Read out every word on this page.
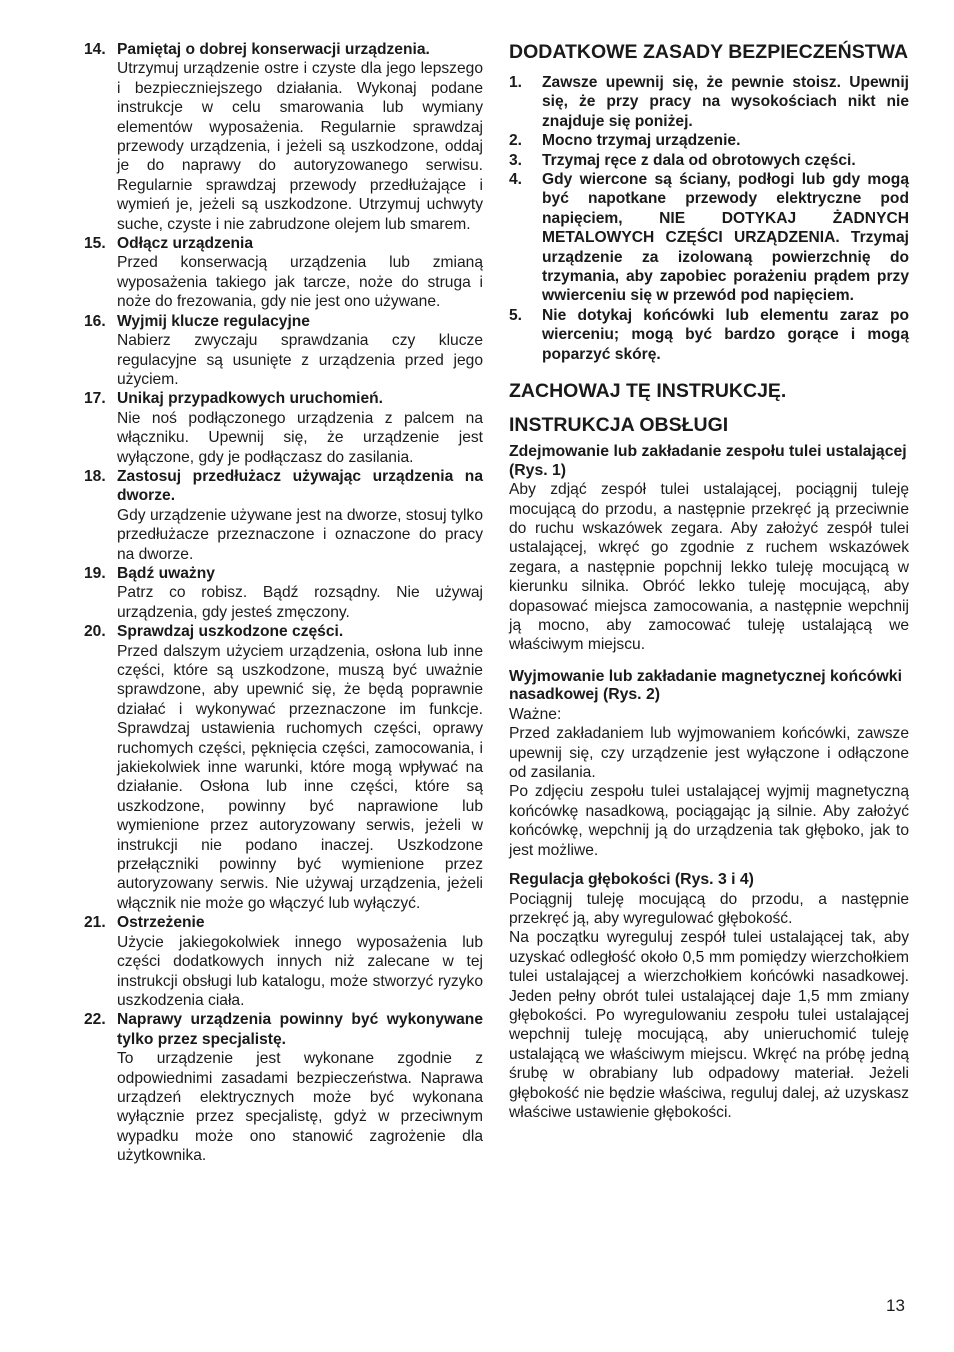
14. Pamiętaj o dobrej konserwacji urządzenia.
Utrzymuj urządzenie ostre i czyste dla jego lepszego i bezpieczniejszego działania. Wykonaj podane instrukcje w celu smarowania lub wymiany elementów wyposażenia. Regularnie sprawdzaj przewody urządzenia, i jeżeli są uszkodzone, oddaj je do naprawy do autoryzowanego serwisu. Regularnie sprawdzaj przewody przedłużające i wymień je, jeżeli są uszkodzone. Utrzymuj uchwyty suche, czyste i nie zabrudzone olejem lub smarem.
15. Odłącz urządzenia
Przed konserwacją urządzenia lub zmianą wyposażenia takiego jak tarcze, noże do struga i noże do frezowania, gdy nie jest ono używane.
16. Wyjmij klucze regulacyjne
Nabierz zwyczaju sprawdzania czy klucze regulacyjne są usunięte z urządzenia przed jego użyciem.
17. Unikaj przypadkowych uruchomień.
Nie noś podłączonego urządzenia z palcem na włączniku. Upewnij się, że urządzenie jest wyłączone, gdy je podłączasz do zasilania.
18. Zastosuj przedłużacz używając urządzenia na dworze.
Gdy urządzenie używane jest na dworze, stosuj tylko przedłużacze przeznaczone i oznaczone do pracy na dworze.
19. Bądź uważny
Patrz co robisz. Bądź rozsądny. Nie używaj urządzenia, gdy jesteś zmęczony.
20. Sprawdzaj uszkodzone części.
Przed dalszym użyciem urządzenia, osłona lub inne części, które są uszkodzone, muszą być uważnie sprawdzone, aby upewnić się, że będą poprawnie działać i wykonywać przeznaczone im funkcje. Sprawdzaj ustawienia ruchomych części, oprawy ruchomych części, pęknięcia części, zamocowania, i jakiekolwiek inne warunki, które mogą wpływać na działanie. Osłona lub inne części, które są uszkodzone, powinny być naprawione lub wymienione przez autoryzowany serwis, jeżeli w instrukcji nie podano inaczej. Uszkodzone przełączniki powinny być wymienione przez autoryzowany serwis. Nie używaj urządzenia, jeżeli włącznik nie może go włączyć lub wyłączyć.
21. Ostrzeżenie
Użycie jakiegokolwiek innego wyposażenia lub części dodatkowych innych niż zalecane w tej instrukcji obsługi lub katalogu, może stworzyć ryzyko uszkodzenia ciała.
22. Naprawy urządzenia powinny być wykonywane tylko przez specjalistę.
To urządzenie jest wykonane zgodnie z odpowiednimi zasadami bezpieczeństwa. Naprawa urządzeń elektrycznych może być wykonana wyłącznie przez specjalistę, gdyż w przeciwnym wypadku może ono stanowić zagrożenie dla użytkownika.
DODATKOWE ZASADY BEZPIECZEŃSTWA
1.	Zawsze upewnij się, że pewnie stoisz. Upewnij się, że przy pracy na wysokościach nikt nie znajduje się poniżej.
2.	Mocno trzymaj urządzenie.
3.	Trzymaj ręce z dala od obrotowych części.
4.	Gdy wiercone są ściany, podłogi lub gdy mogą być napotkane przewody elektryczne pod napięciem, NIE DOTYKAJ ŻADNYCH METALOWYCH CZĘŚCI URZĄDZENIA. Trzymaj urządzenie za izolowaną powierzchnię do trzymania, aby zapobiec porażeniu prądem przy wwierceniu się w przewód pod napięciem.
5.	Nie dotykaj końcówki lub elementu zaraz po wierceniu; mogą być bardzo gorące i mogą poparzyć skórę.
ZACHOWAJ TĘ INSTRUKCJĘ.
INSTRUKCJA OBSŁUGI
Zdejmowanie lub zakładanie zespołu tulei ustalającej (Rys. 1)
Aby zdjąć zespół tulei ustalającej, pociągnij tuleję mocującą do przodu, a następnie przekręć ją przeciwnie do ruchu wskazówek zegara. Aby założyć zespół tulei ustalającej, wkręć go zgodnie z ruchem wskazówek zegara, a następnie popchnij lekko tuleję mocującą w kierunku silnika. Obróć lekko tuleję mocującą, aby dopasować miejsca zamocowania, a następnie wepchnij ją mocno, aby zamocować tuleję ustalającą we właściwym miejscu.
Wyjmowanie lub zakładanie magnetycznej końcówki nasadkowej (Rys. 2)
Ważne:
Przed zakładaniem lub wyjmowaniem końcówki, zawsze upewnij się, czy urządzenie jest wyłączone i odłączone od zasilania.
Po zdjęciu zespołu tulei ustalającej wyjmij magnetyczną końcówkę nasadkową, pociągając ją silnie. Aby założyć końcówkę, wepchnij ją do urządzenia tak głęboko, jak to jest możliwe.
Regulacja głębokości (Rys. 3 i 4)
Pociągnij tuleję mocującą do przodu, a następnie przekręć ją, aby wyregulować głębokość.
Na początku wyreguluj zespół tulei ustalającej tak, aby uzyskać odległość około 0,5 mm pomiędzy wierzchołkiem tulei ustalającej a wierzchołkiem końcówki nasadkowej. Jeden pełny obrót tulei ustalającej daje 1,5 mm zmiany głębokości. Po wyregulowaniu zespołu tulei ustalającej wepchnij tuleję mocującą, aby unieruchomić tuleję ustalającą we właściwym miejscu. Wkręć na próbę jedną śrubę w obrabiany lub odpadowy materiał. Jeżeli głębokość nie będzie właściwa, reguluj dalej, aż uzyskasz właściwe ustawienie głębokości.
13
